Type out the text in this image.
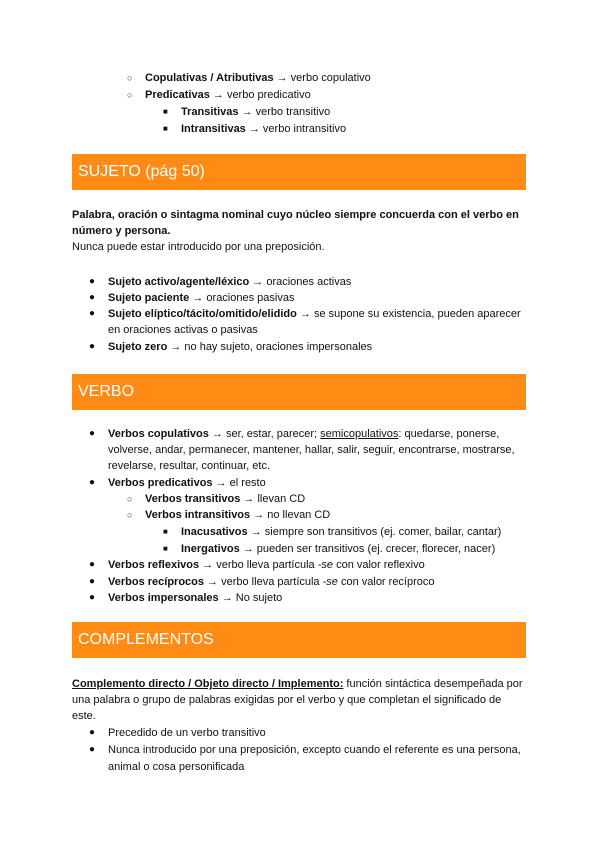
○ Copulativas / Atributivas → verbo copulativo
○ Predicativas → verbo predicativo
■ Transitivas → verbo transitivo
■ Intransitivas → verbo intransitivo
SUJETO (pág 50)
Palabra, oración o sintagma nominal cuyo núcleo siempre concuerda con el verbo en
número y persona.
Nunca puede estar introducido por una preposición.
● Sujeto activo/agente/léxico → oraciones activas
● Sujeto paciente → oraciones pasivas
● Sujeto elíptico/tácito/omitido/elidido → se supone su existencia, pueden aparecer
en oraciones activas o pasivas
● Sujeto zero → no hay sujeto, oraciones impersonales
VERBO
● Verbos copulativos → ser, estar, parecer; semicopulativos: quedarse, ponerse,
volverse, andar, permanecer, mantener, hallar, salir, seguir, encontrarse, mostrarse,
revelarse, resultar, continuar, etc.
● Verbos predicativos → el resto
○ Verbos transitivos → llevan CD
○ Verbos intransitivos → no llevan CD
■ Inacusativos → siempre son transitivos (ej. comer, bailar, cantar)
■ Inergativos → pueden ser transitivos (ej. crecer, florecer, nacer)
● Verbos reflexivos → verbo lleva partícula -se con valor reflexivo
● Verbos recíprocos → verbo lleva partícula -se con valor recíproco
● Verbos impersonales → No sujeto
COMPLEMENTOS
Complemento directo / Objeto directo / Implemento: función sintáctica desempeñada por
una palabra o grupo de palabras exigidas por el verbo y que completan el significado de
este.
● Precedido de un verbo transitivo
● Nunca introducido por una preposición, excepto cuando el referente es una persona,
animal o cosa personificada
